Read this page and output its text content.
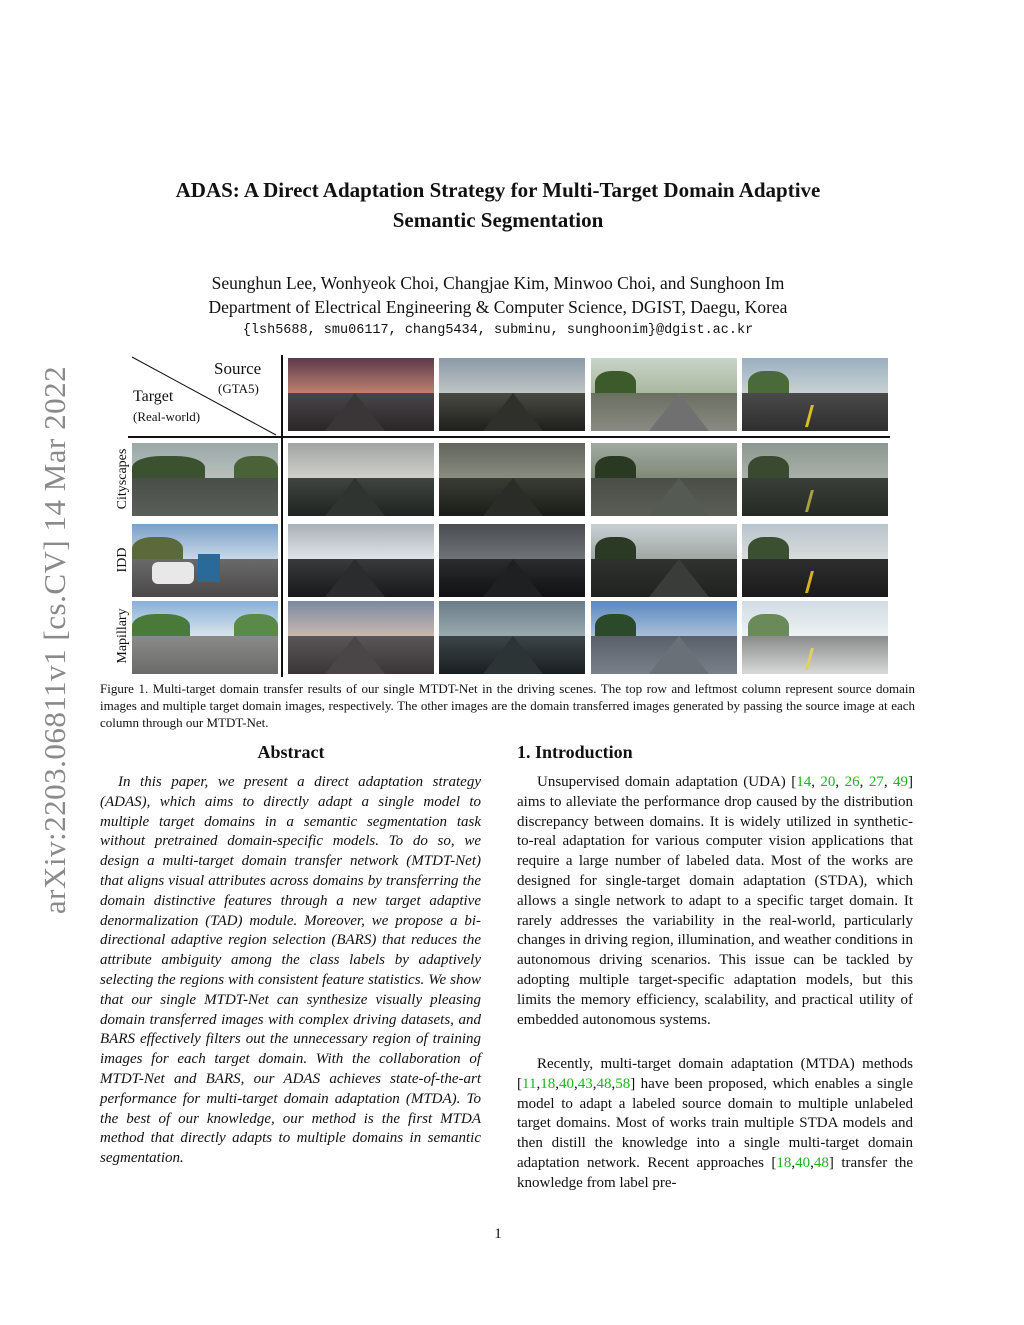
arXiv:2203.06811v1 [cs.CV] 14 Mar 2022
ADAS: A Direct Adaptation Strategy for Multi-Target Domain Adaptive
Semantic Segmentation
Seunghun Lee, Wonhyeok Choi, Changjae Kim, Minwoo Choi, and Sunghoon Im
Department of Electrical Engineering & Computer Science, DGIST, Daegu, Korea
{lsh5688, smu06117, chang5434, subminu, sunghoonim}@dgist.ac.kr
Source
(GTA5)
Target
(Real-world)
Cityscapes
IDD
Mapillary
Figure 1. Multi-target domain transfer results of our single MTDT-Net in the driving scenes. The top row and leftmost column represent source domain images and multiple target domain images, respectively. The other images are the domain transferred images generated by passing the source image at each column through our MTDT-Net.
Abstract	1. Introduction
In this paper, we present a direct adaptation strategy (ADAS), which aims to directly adapt a single model to multiple target domains in a semantic segmentation task without pretrained domain-specific models. To do so, we design a multi-target domain transfer network (MTDT-Net) that aligns visual attributes across domains by transferring the domain distinctive features through a new target adaptive denormalization (TAD) module. Moreover, we propose a bi-directional adaptive region selection (BARS) that reduces the attribute ambiguity among the class labels by adaptively selecting the regions with consistent feature statistics. We show that our single MTDT-Net can synthesize visually pleasing domain transferred images with complex driving datasets, and BARS effectively filters out the unnecessary region of training images for each target domain. With the collaboration of MTDT-Net and BARS, our ADAS achieves state-of-the-art performance for multi-target domain adaptation (MTDA). To the best of our knowledge, our method is the first MTDA method that directly adapts to multiple domains in semantic segmentation.
Unsupervised domain adaptation (UDA) [14, 20, 26, 27, 49] aims to alleviate the performance drop caused by the distribution discrepancy between domains. It is widely utilized in synthetic-to-real adaptation for various computer vision applications that require a large number of labeled data. Most of the works are designed for single-target domain adaptation (STDA), which allows a single network to adapt to a specific target domain. It rarely addresses the variability in the real-world, particularly changes in driving region, illumination, and weather conditions in autonomous driving scenarios. This issue can be tackled by adopting multiple target-specific adaptation models, but this limits the memory efficiency, scalability, and practical utility of embedded autonomous systems.
Recently, multi-target domain adaptation (MTDA) methods [11,18,40,43,48,58] have been proposed, which enables a single model to adapt a labeled source domain to multiple unlabeled target domains. Most of works train multiple STDA models and then distill the knowledge into a single multi-target domain adaptation network. Recent approaches [18,40,48] transfer the knowledge from label pre-
1
